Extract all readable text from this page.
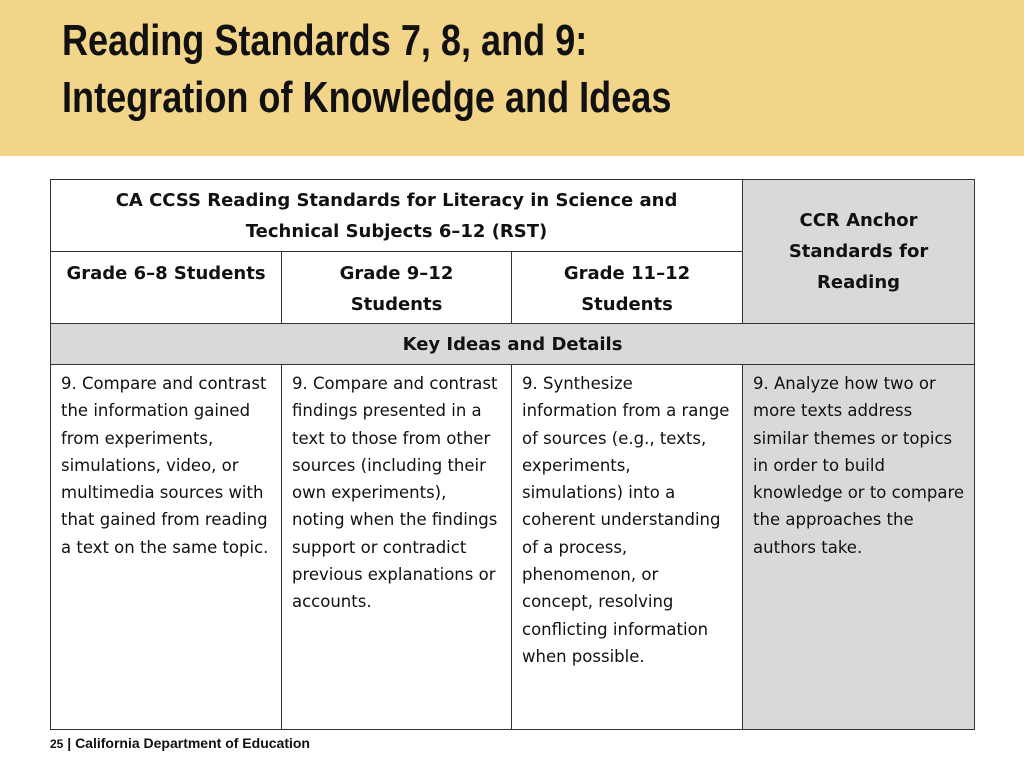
Reading Standards 7, 8, and 9:
Integration of Knowledge and Ideas
CA CCSS Reading Standards for Literacy in Science and Technical Subjects 6–12 (RST)			CCR Anchor Standards for Reading
Grade 6–8 Students	Grade 9–12 Students	Grade 11–12 Students	
Key Ideas and Details			
9. Compare and contrast the information gained from experiments, simulations, video, or multimedia sources with that gained from reading a text on the same topic.	9. Compare and contrast findings presented in a text to those from other sources (including their own experiments), noting when the findings support or contradict previous explanations or accounts.	9. Synthesize information from a range of sources (e.g., texts, experiments, simulations) into a coherent understanding of a process, phenomenon, or concept, resolving conflicting information when possible.	9. Analyze how two or more texts address similar themes or topics in order to build knowledge or to compare the approaches the authors take.
25 | California Department of Education
